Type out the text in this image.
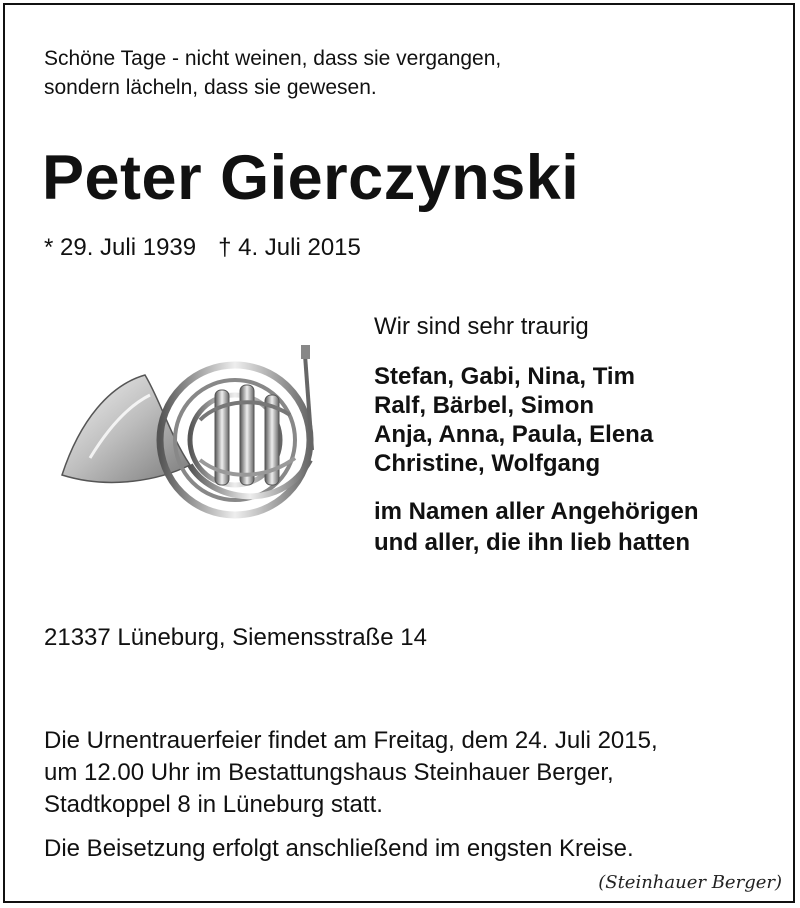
Schöne Tage - nicht weinen, dass sie vergangen,
sondern lächeln, dass sie gewesen.
Peter Gierczynski
* 29. Juli 1939 † 4. Juli 2015
Wir sind sehr traurig
Stefan, Gabi, Nina, Tim
Ralf, Bärbel, Simon
Anja, Anna, Paula, Elena
Christine, Wolfgang
im Namen aller Angehörigen
und aller, die ihn lieb hatten
21337 Lüneburg, Siemensstraße 14
Die Urnentrauerfeier findet am Freitag, dem 24. Juli 2015,
um 12.00 Uhr im Bestattungshaus Steinhauer Berger,
Stadtkoppel 8 in Lüneburg statt.
Die Beisetzung erfolgt anschließend im engsten Kreise.
(Steinhauer Berger)
